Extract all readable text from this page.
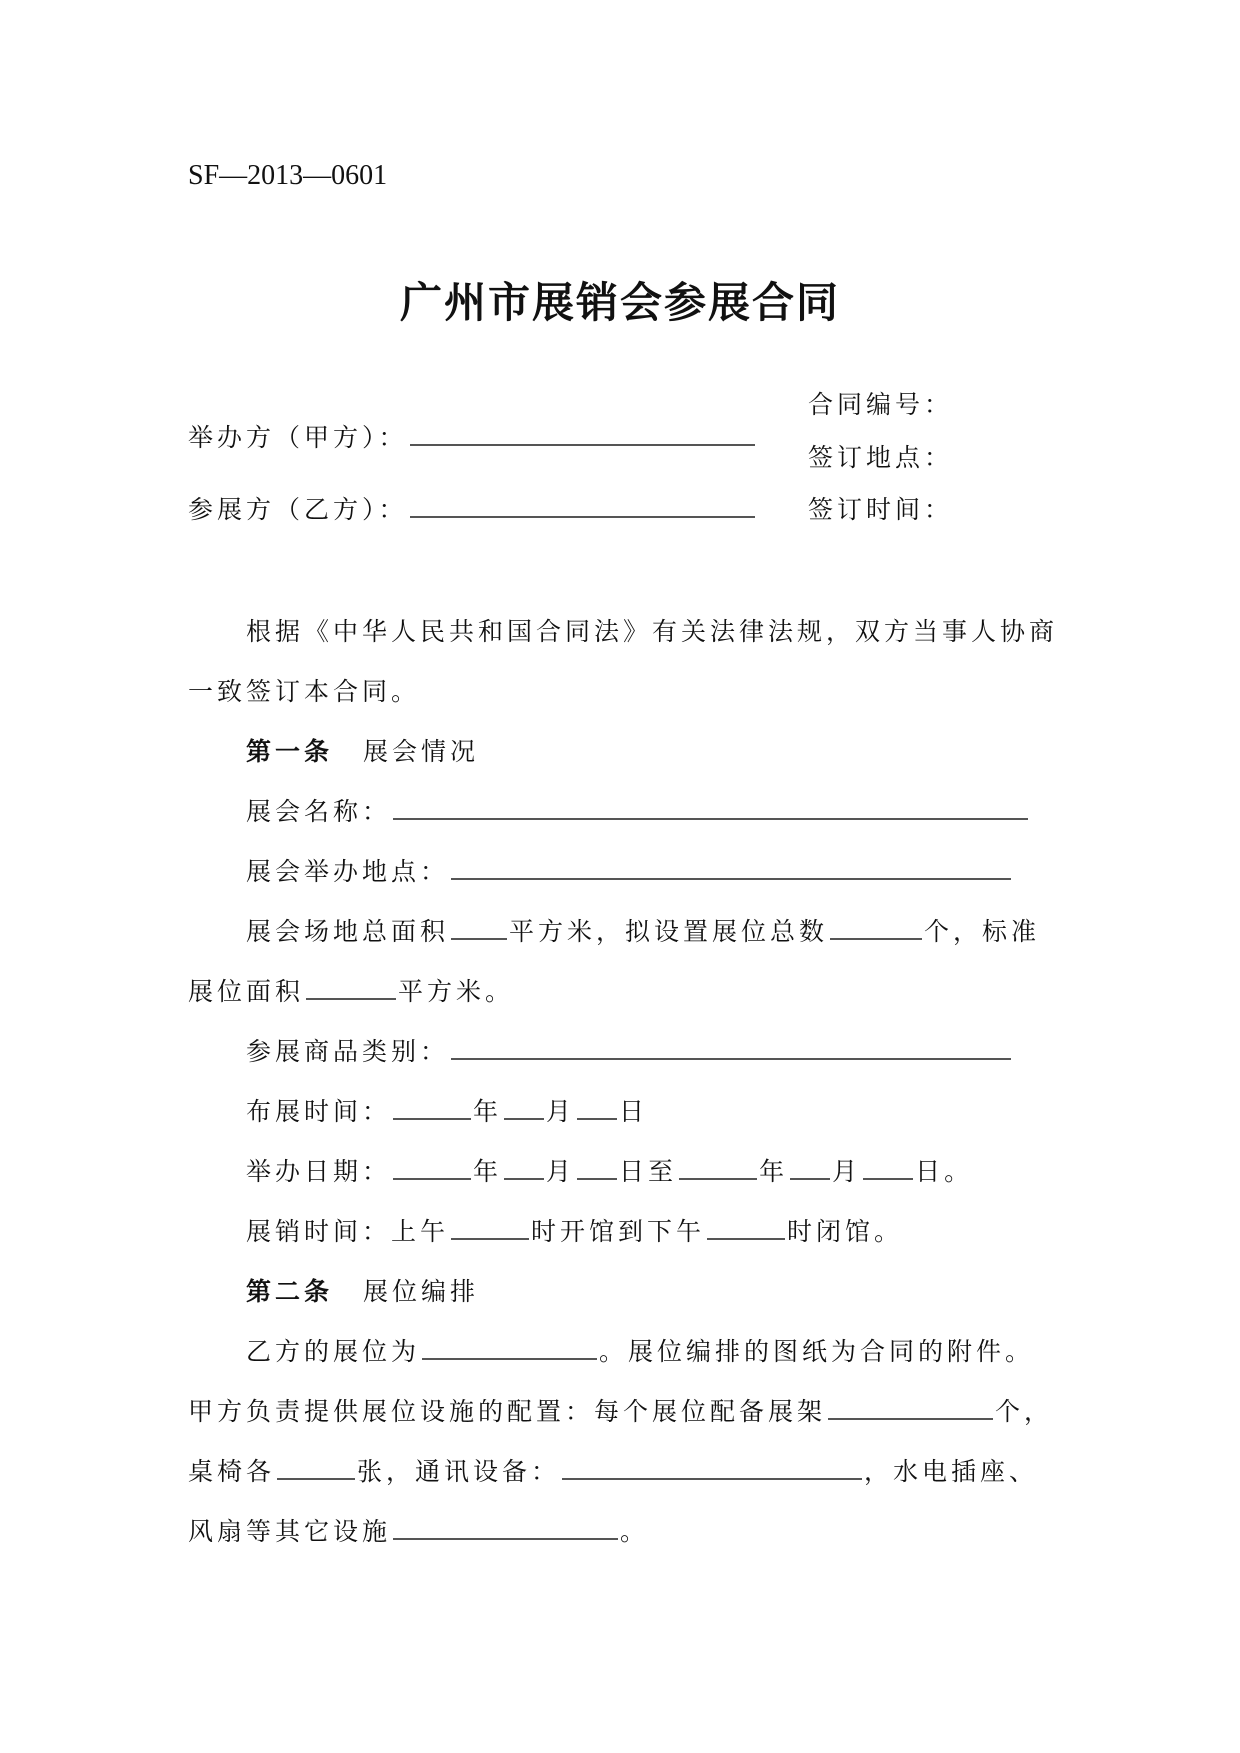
SF—2013—0601
广州市展销会参展合同
举办方（甲方）：
参展方（乙方）：
合同编号：
签订地点：
签订时间：
根据《中华人民共和国合同法》有关法律法规，双方当事人协商
一致签订本合同。
第一条 展会情况
展会名称：
展会举办地点：
展会场地总面积 平方米，拟设置展位总数	个，标准
展位面积	平方米。
参展商品类别：
布展时间：	年 月 日
举办日期：	年 月 日至	年 月 日。
展销时间：上午	时开馆到下午	时闭馆。
第二条 展位编排
乙方的展位为	。展位编排的图纸为合同的附件。
甲方负责提供展位设施的配置：每个展位配备展架	个，
桌椅各	张，通讯设备：	，水电插座、
风扇等其它设施	。
